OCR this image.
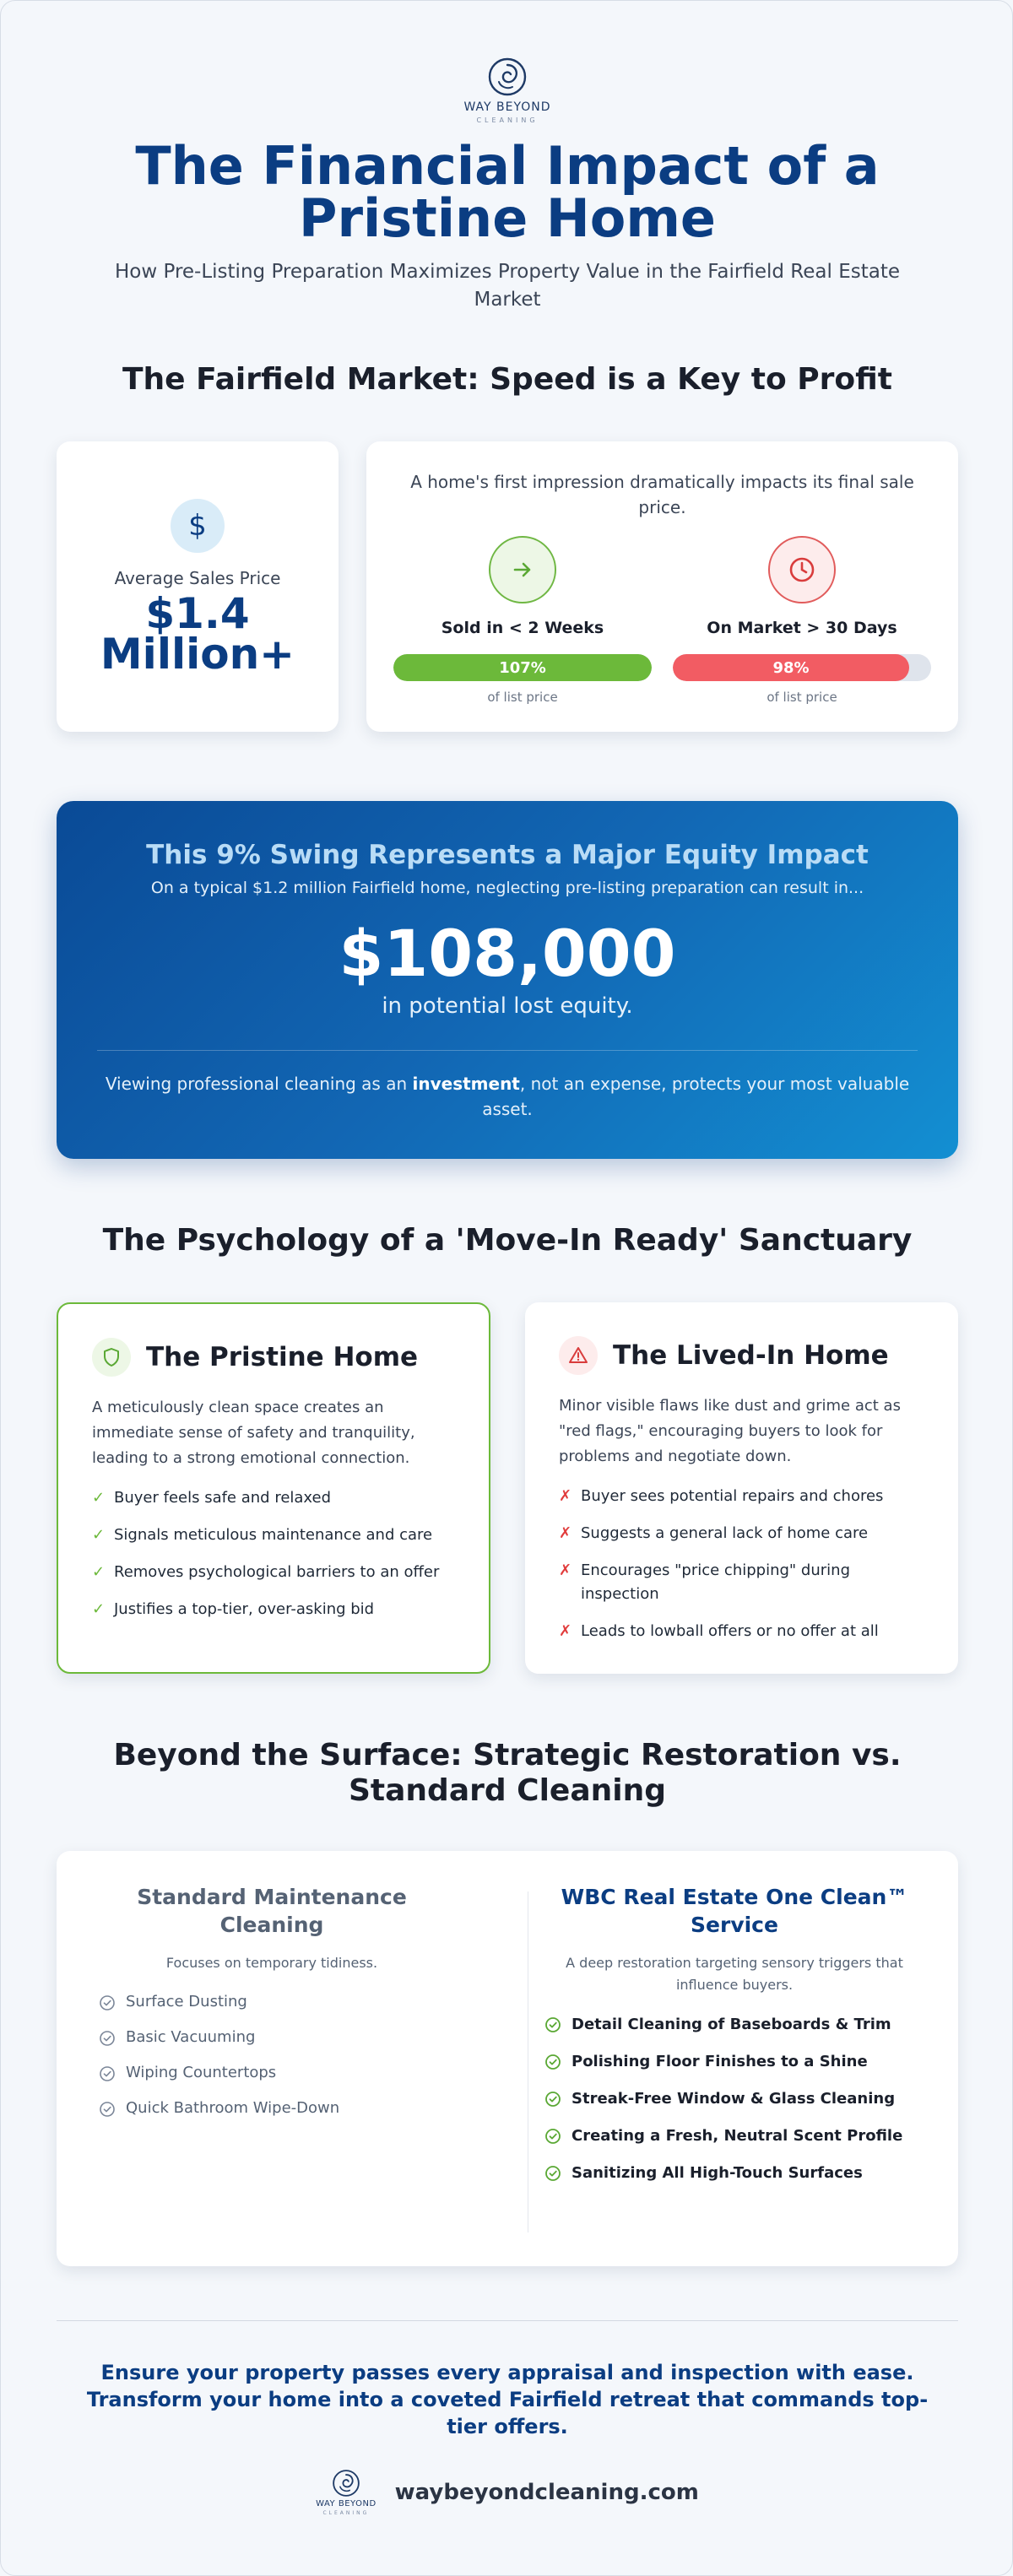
WAY BEYOND
CLEANING
The Financial Impact of a Pristine Home

How Pre-Listing Preparation Maximizes Property Value in the Fairfield Real Estate Market

The Fairfield Market: Speed is a Key to Profit
$
Average Sales Price
$1.4 Million+
A home's first impression dramatically impacts its final sale price.
Sold in < 2 Weeks
107%
of list price
On Market > 30 Days
98%
of list price
This 9% Swing Represents a Major Equity Impact
On a typical $1.2 million Fairfield home, neglecting pre-listing preparation can result in...
$108,000
in potential lost equity.
Viewing professional cleaning as an investment, not an expense, protects your most valuable asset.
The Psychology of a 'Move-In Ready' Sanctuary
The Pristine Home

A meticulously clean space creates an immediate sense of safety and tranquility, leading to a strong emotional connection.

✓ Buyer feels safe and relaxed
✓ Signals meticulous maintenance and care
✓ Removes psychological barriers to an offer
✓ Justifies a top-tier, over-asking bid
The Lived-In Home

Minor visible flaws like dust and grime act as "red flags," encouraging buyers to look for problems and negotiate down.

✗ Buyer sees potential repairs and chores
✗ Suggests a general lack of home care
✗ Encourages "price chipping" during inspection
✗ Leads to lowball offers or no offer at all
Beyond the Surface: Strategic Restoration vs. Standard Cleaning
Standard Maintenance Cleaning
Focuses on temporary tidiness.
Surface Dusting
Basic Vacuuming
Wiping Countertops
Quick Bathroom Wipe-Down
WBC Real Estate One Clean™ Service
A deep restoration targeting sensory triggers that influence buyers.
Detail Cleaning of Baseboards & Trim
Polishing Floor Finishes to a Shine
Streak-Free Window & Glass Cleaning
Creating a Fresh, Neutral Scent Profile
Sanitizing All High-Touch Surfaces

Ensure your property passes every appraisal and inspection with ease. Transform your home into a coveted Fairfield retreat that commands top-tier offers.

WAY BEYOND
CLEANING
waybeyondcleaning.com
